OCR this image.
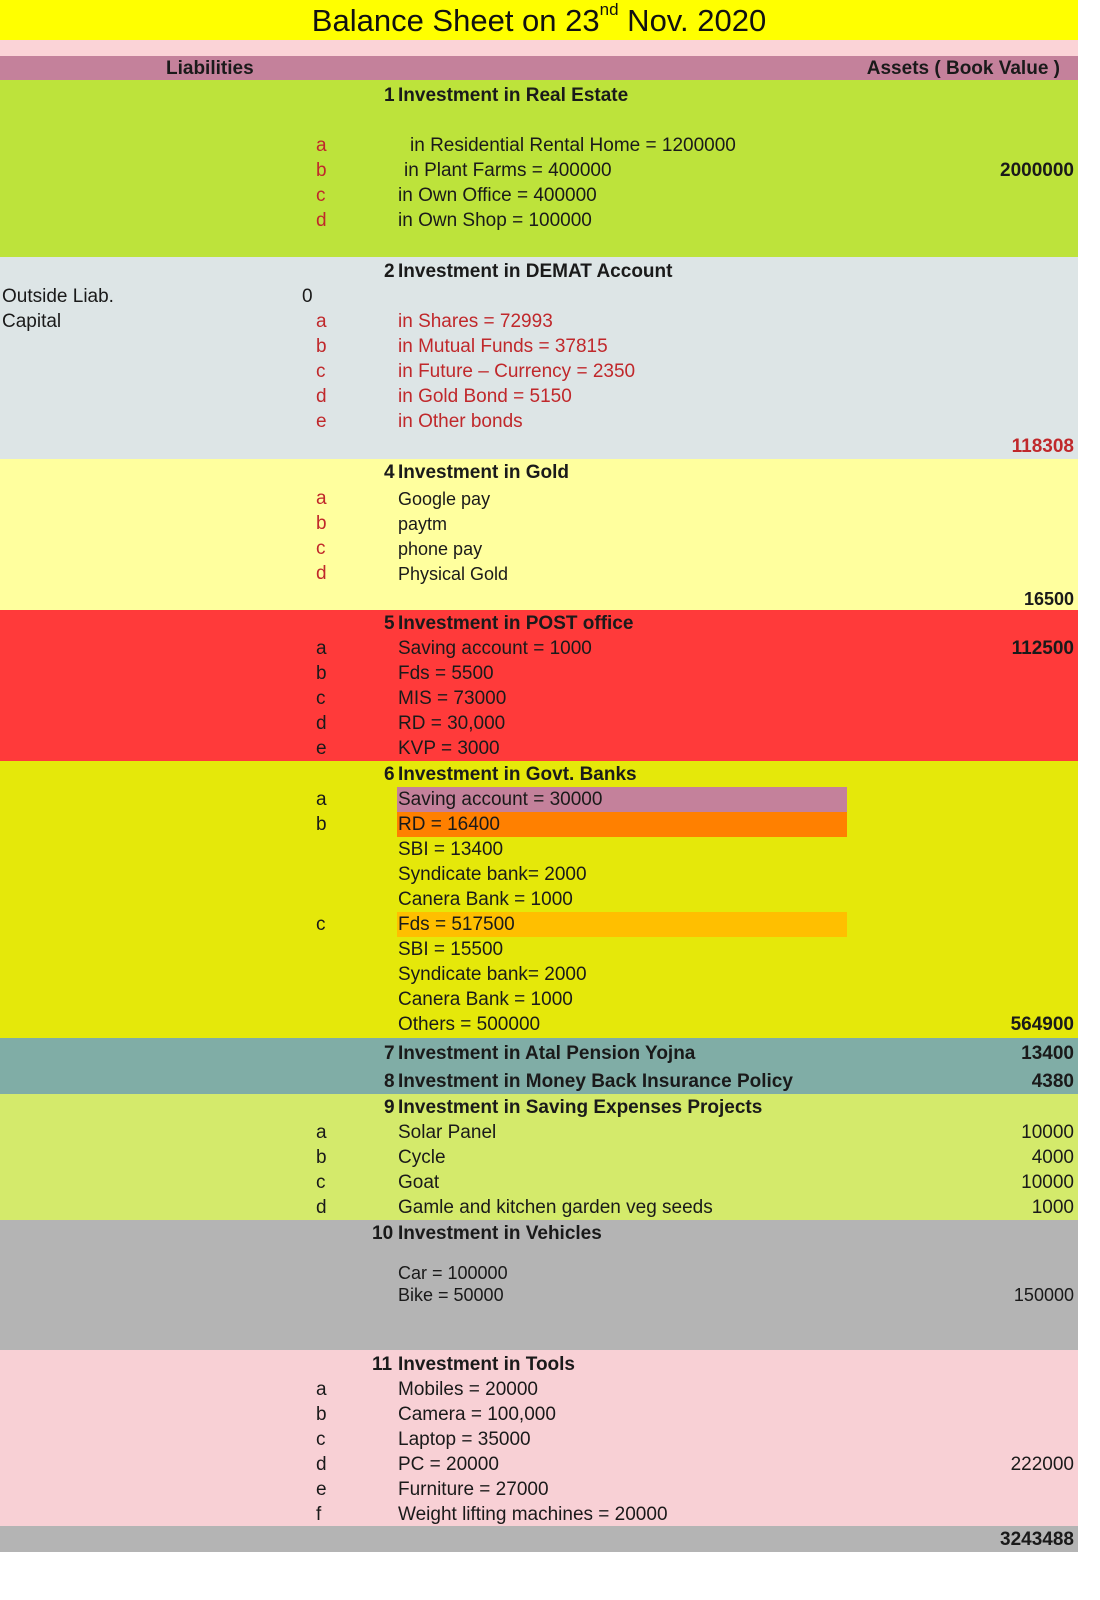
Balance Sheet on 23nd Nov. 2020
Liabilities	Assets ( Book Value )
1 Investment in Real Estate
a	in Residential Rental Home = 1200000
b	in Plant Farms = 400000
c	in Own Office = 400000
d	in Own Shop = 100000
2000000
2 Investment in DEMAT Account
Outside Liab.	0
Capital	a	in Shares = 72993
b	in Mutual Funds = 37815
c	in Future – Currency = 2350
d	in Gold Bond = 5150
e	in Other bonds
118308
4 Investment in Gold
a	Google pay
b	paytm
c	phone pay
d	Physical Gold
16500
5 Investment in POST office
a	Saving account = 1000
b	Fds = 5500
c	MIS = 73000
d	RD = 30,000
e	KVP = 3000
112500
6 Investment in Govt. Banks
a	Saving account = 30000
b	RD = 16400
SBI = 13400
Syndicate bank= 2000
Canera Bank = 1000
c	Fds = 517500
SBI = 15500
Syndicate bank= 2000
Canera Bank = 1000
Others = 500000	564900
7 Investment in Atal Pension Yojna	13400
8 Investment in Money Back Insurance Policy	4380
9 Investment in Saving Expenses Projects
a	Solar Panel	10000
b	Cycle	4000
c	Goat	10000
d	Gamle and kitchen garden veg seeds	1000
10 Investment in Vehicles
Car = 100000
Bike = 50000	150000
11 Investment in Tools
a	Mobiles = 20000
b	Camera = 100,000
c	Laptop = 35000
d	PC = 20000	222000
e	Furniture = 27000
f	Weight lifting machines = 20000
3243488
